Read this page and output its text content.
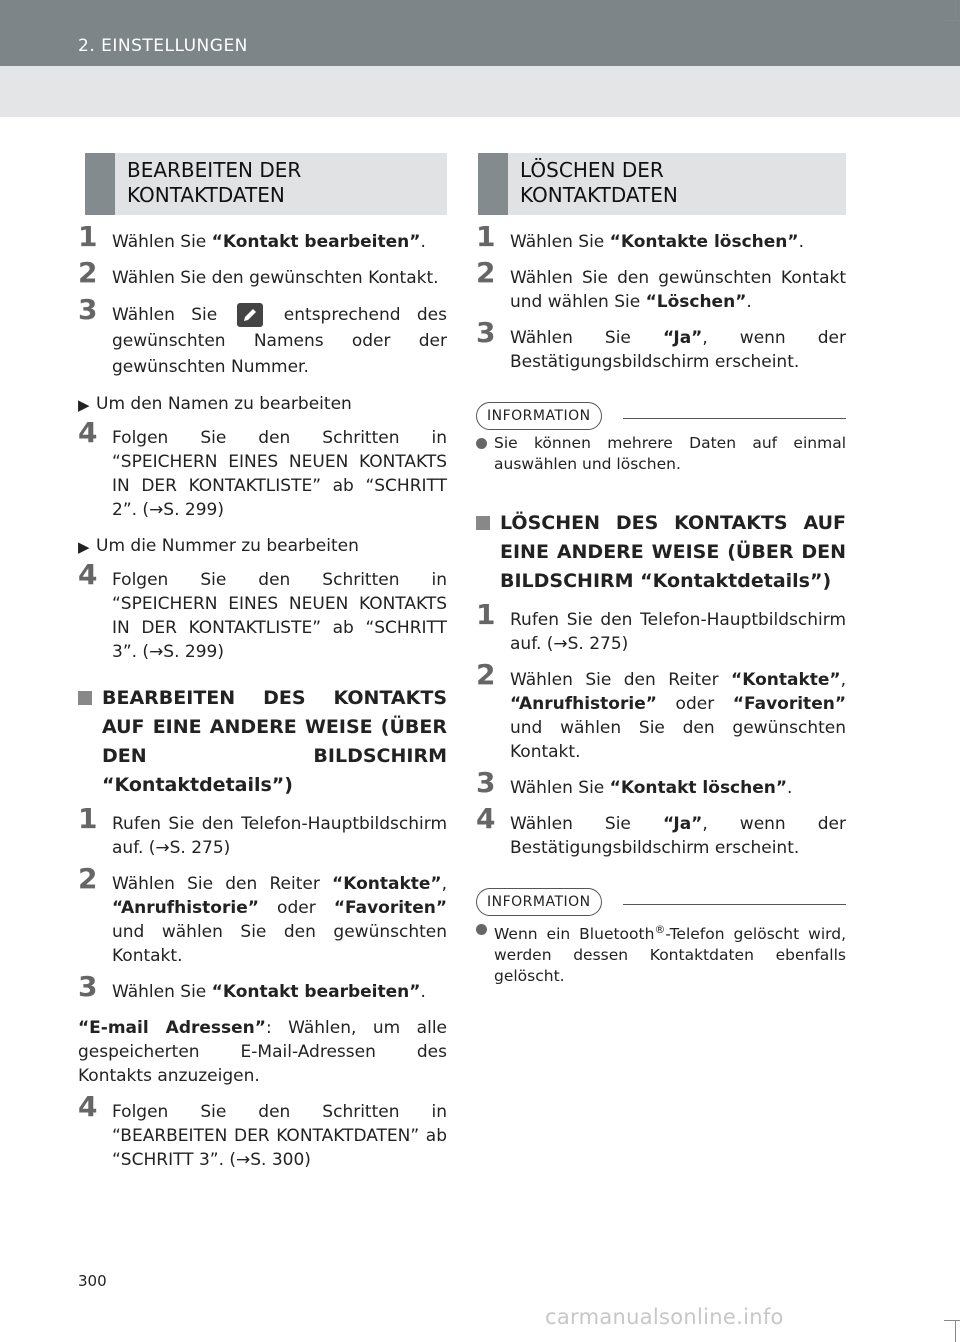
2. EINSTELLUNGEN
BEARBEITEN DER
KONTAKTDATEN
1 Wählen Sie “Kontakt bearbeiten”.
2 Wählen Sie den gewünschten Kontakt.
3 Wählen Sie
entsprechend des gewünschten Namens oder der gewünschten Nummer.
▶ Um den Namen zu bearbeiten
4 Folgen Sie den Schritten in “SPEICHERN EINES NEUEN KONTAKTS IN DER KONTAKTLISTE” ab “SCHRITT 2”. (→S. 299)
▶ Um die Nummer zu bearbeiten
4 Folgen Sie den Schritten in “SPEICHERN EINES NEUEN KONTAKTS IN DER KONTAKTLISTE” ab “SCHRITT 3”. (→S. 299)
BEARBEITEN DES KONTAKTS AUF EINE ANDERE WEISE (ÜBER DEN BILDSCHIRM “Kontaktdetails”)
1 Rufen Sie den Telefon-Hauptbildschirm auf. (→S. 275)
2 Wählen Sie den Reiter “Kontakte”, “Anrufhistorie” oder “Favoriten” und wählen Sie den gewünschten Kontakt.
3 Wählen Sie “Kontakt bearbeiten”.
“E-mail Adressen”: Wählen, um alle gespeicherten E-Mail-Adressen des Kontakts anzuzeigen.
4 Folgen Sie den Schritten in “BEARBEITEN DER KONTAKTDATEN” ab “SCHRITT 3”. (→S. 300)
LÖSCHEN DER
KONTAKTDATEN
1 Wählen Sie “Kontakte löschen”.
2 Wählen Sie den gewünschten Kontakt und wählen Sie “Löschen”.
3 Wählen Sie “Ja”, wenn der Bestätigungsbildschirm erscheint.
INFORMATION
Sie können mehrere Daten auf einmal auswählen und löschen.
LÖSCHEN DES KONTAKTS AUF EINE ANDERE WEISE (ÜBER DEN BILDSCHIRM “Kontaktdetails”)
1 Rufen Sie den Telefon-Hauptbildschirm auf. (→S. 275)
2 Wählen Sie den Reiter “Kontakte”, “Anrufhistorie” oder “Favoriten” und wählen Sie den gewünschten Kontakt.
3 Wählen Sie “Kontakt löschen”.
4 Wählen Sie “Ja”, wenn der Bestätigungsbildschirm erscheint.
INFORMATION
Wenn ein Bluetooth®-Telefon gelöscht wird, werden dessen Kontaktdaten ebenfalls gelöscht.
300
carmanualsonline.info
